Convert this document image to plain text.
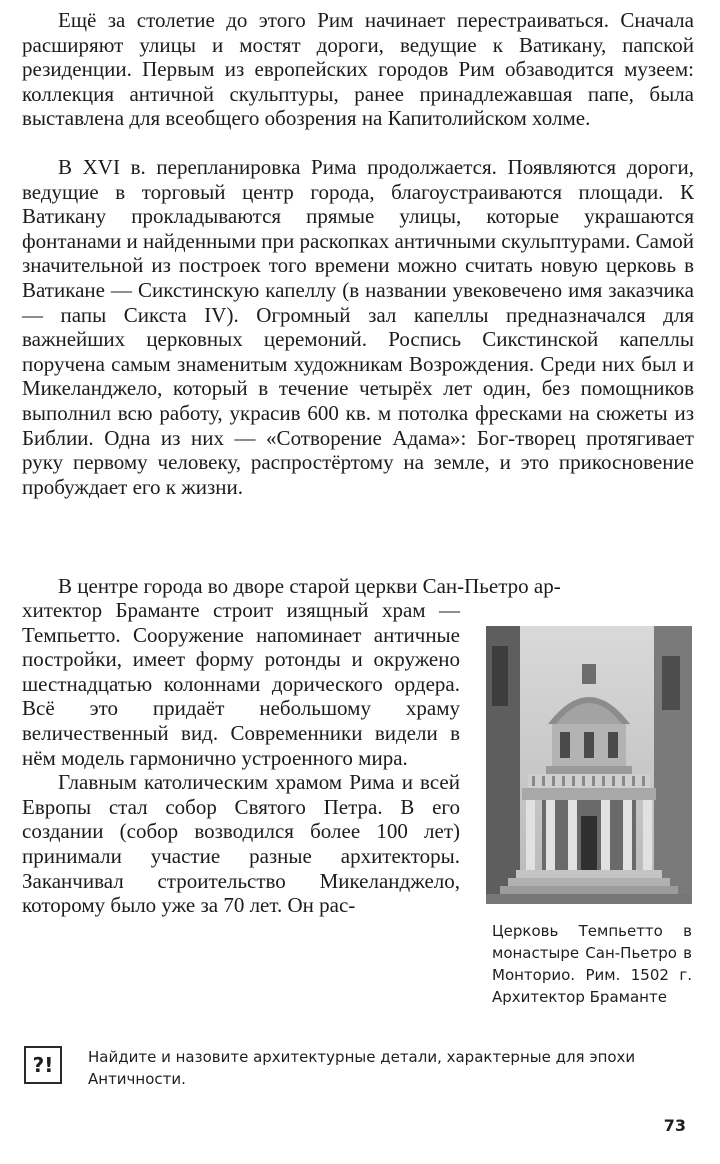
Ещё за столетие до этого Рим начинает перестраиваться. Сначала расширяют улицы и мостят дороги, ведущие к Ватикану, папской резиденции. Первым из европейских городов Рим обзаводится музеем: коллекция античной скульптуры, ранее принадлежавшая папе, была выставлена для всеобщего обозрения на Капитолийском холме.

В XVI в. перепланировка Рима продолжается. Появляются дороги, ведущие в торговый центр города, благоустраиваются площади. К Ватикану прокладываются прямые улицы, которые украшаются фонтанами и найденными при раскопках античными скульптурами. Самой значительной из построек того времени можно считать новую церковь в Ватикане — Сикстинскую капеллу (в названии увековечено имя заказчика — папы Сикста IV). Огромный зал капеллы предназначался для важнейших церковных церемоний. Роспись Сикстинской капеллы поручена самым знаменитым художникам Возрождения. Среди них был и Микеланджело, который в течение четырёх лет один, без помощников выполнил всю работу, украсив 600 кв. м потолка фресками на сюжеты из Библии. Одна из них — «Сотворение Адама»: Бог-творец протягивает руку первому человеку, распростёртому на земле, и это прикосновение пробуждает его к жизни.

В центре города во дворе старой церкви Сан-Пьетро ар-

хитектор Браманте строит изящный храм — Темпьетто. Сооружение напоминает античные постройки, имеет форму ротонды и окружено шестнадцатью колоннами дорического ордера. Всё это придаёт небольшому храму величественный вид. Современники видели в нём модель гармонично устроенного мира.

Главным католическим храмом Рима и всей Европы стал собор Святого Петра. В его создании (собор возводился более 100 лет) принимали участие разные архитекторы. Заканчивал строительство Микеланджело, которому было уже за 70 лет. Он рас-

Церковь Темпьетто в монастыре Сан-Пьетро в Монторио. Рим. 1502 г. Архитектор Браманте
?!	Найдите и назовите архитектурные детали, характерные для эпохи Античности.
73
